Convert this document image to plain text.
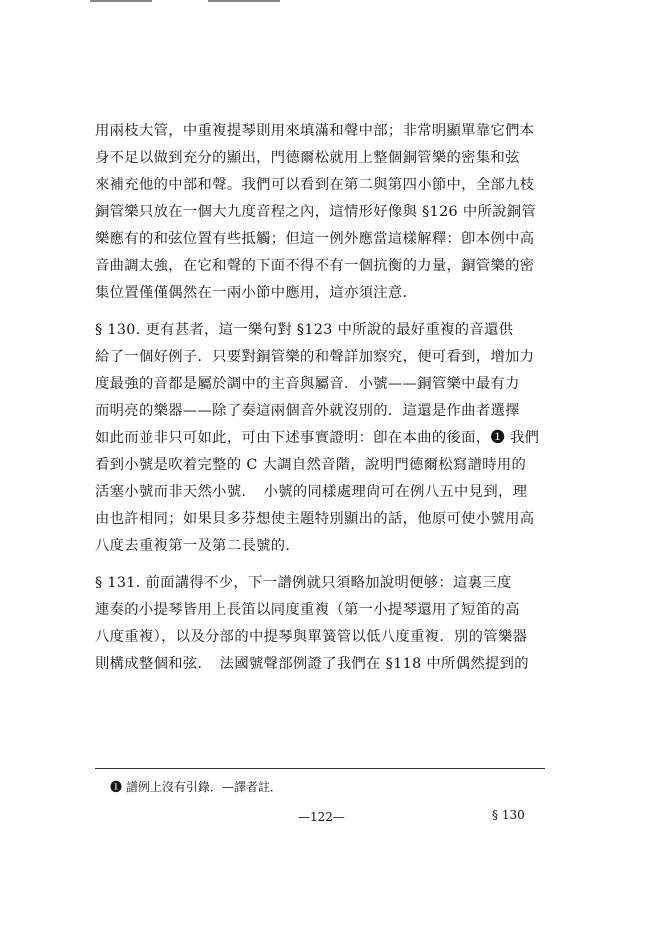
用兩枝大管，中重複提琴則用來填滿和聲中部；非常明顯單靠它們本
身不足以做到充分的顯出，門德爾松就用上整個銅管樂的密集和弦
來補充他的中部和聲。我們可以看到在第二與第四小節中，全部九枝
銅管樂只放在一個大九度音程之內，這情形好像與 §126 中所說銅管
樂應有的和弦位置有些抵觸；但這一例外應當這樣解釋：卽本例中高
音曲調太強，在它和聲的下面不得不有一個抗衡的力量，銅管樂的密
集位置僅僅偶然在一兩小節中應用，這亦須注意．
§ 130. 更有甚者，這一樂句對 §123 中所說的最好重複的音還供
給了一個好例子．只要對銅管樂的和聲詳加察究，便可看到，增加力
度最強的音都是屬於調中的主音與屬音．小號——銅管樂中最有力
而明亮的樂器——除了奏這兩個音外就沒別的．這還是作曲者選擇
如此而並非只可如此，可由下述事實證明：卽在本曲的後面，❶ 我們
看到小號是吹着完整的 C 大調自然音階，說明門德爾松寫譜時用的
活塞小號而非天然小號．　小號的同樣處理尙可在例八五中見到，理
由也許相同；如果貝多芬想使主題特別顯出的話，他原可使小號用高
八度去重複第一及第二長號的．
§ 131. 前面講得不少，下一譜例就只須略加說明便够：這裏三度
連奏的小提琴皆用上長笛以同度重複（第一小提琴還用了短笛的高
八度重複），以及分部的中提琴與單簧管以低八度重複．別的管樂器
則構成整個和弦．　法國號聲部例證了我們在 §118 中所偶然提到的
❶ 譜例上沒有引錄．—譯者註．
—122—	§ 130
